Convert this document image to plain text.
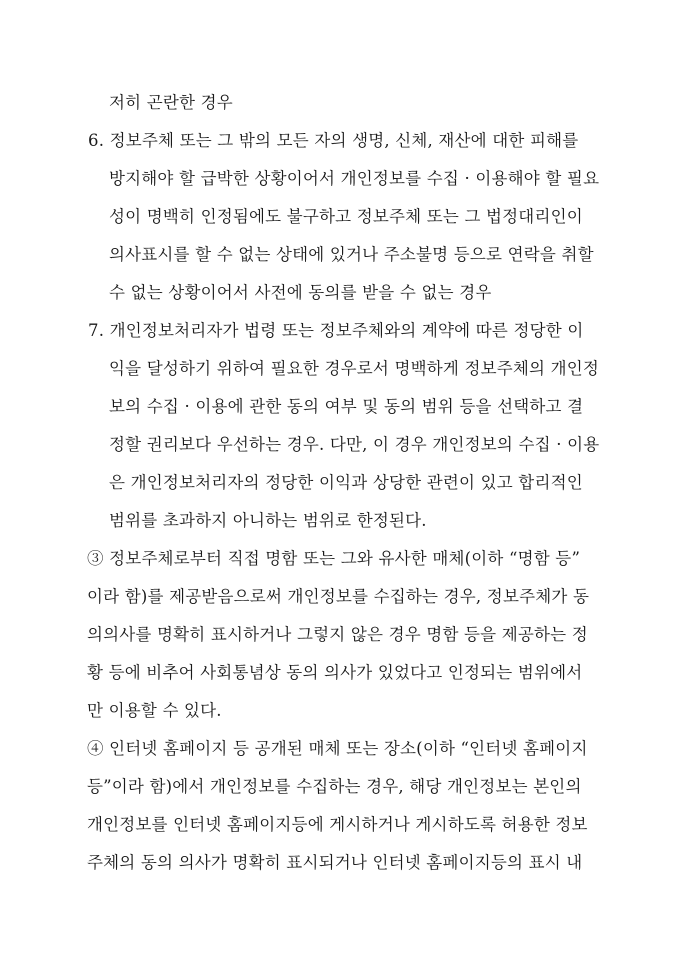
저히 곤란한 경우
6. 정보주체 또는 그 밖의 모든 자의 생명, 신체, 재산에 대한 피해를
방지해야 할 급박한 상황이어서 개인정보를 수집 · 이용해야 할 필요
성이 명백히 인정됨에도 불구하고 정보주체 또는 그 법정대리인이
의사표시를 할 수 없는 상태에 있거나 주소불명 등으로 연락을 취할
수 없는 상황이어서 사전에 동의를 받을 수 없는 경우
7. 개인정보처리자가 법령 또는 정보주체와의 계약에 따른 정당한 이
익을 달성하기 위하여 필요한 경우로서 명백하게 정보주체의 개인정
보의 수집 · 이용에 관한 동의 여부 및 동의 범위 등을 선택하고 결
정할 권리보다 우선하는 경우. 다만, 이 경우 개인정보의 수집 · 이용
은 개인정보처리자의 정당한 이익과 상당한 관련이 있고 합리적인
범위를 초과하지 아니하는 범위로 한정된다.
③ 정보주체로부터 직접 명함 또는 그와 유사한 매체(이하 “명함 등”
이라 함)를 제공받음으로써 개인정보를 수집하는 경우, 정보주체가 동
의의사를 명확히 표시하거나 그렇지 않은 경우 명함 등을 제공하는 정
황 등에 비추어 사회통념상 동의 의사가 있었다고 인정되는 범위에서
만 이용할 수 있다.
④ 인터넷 홈페이지 등 공개된 매체 또는 장소(이하 “인터넷 홈페이지
등”이라 함)에서 개인정보를 수집하는 경우, 해당 개인정보는 본인의
개인정보를 인터넷 홈페이지등에 게시하거나 게시하도록 허용한 정보
주체의 동의 의사가 명확히 표시되거나 인터넷 홈페이지등의 표시 내
